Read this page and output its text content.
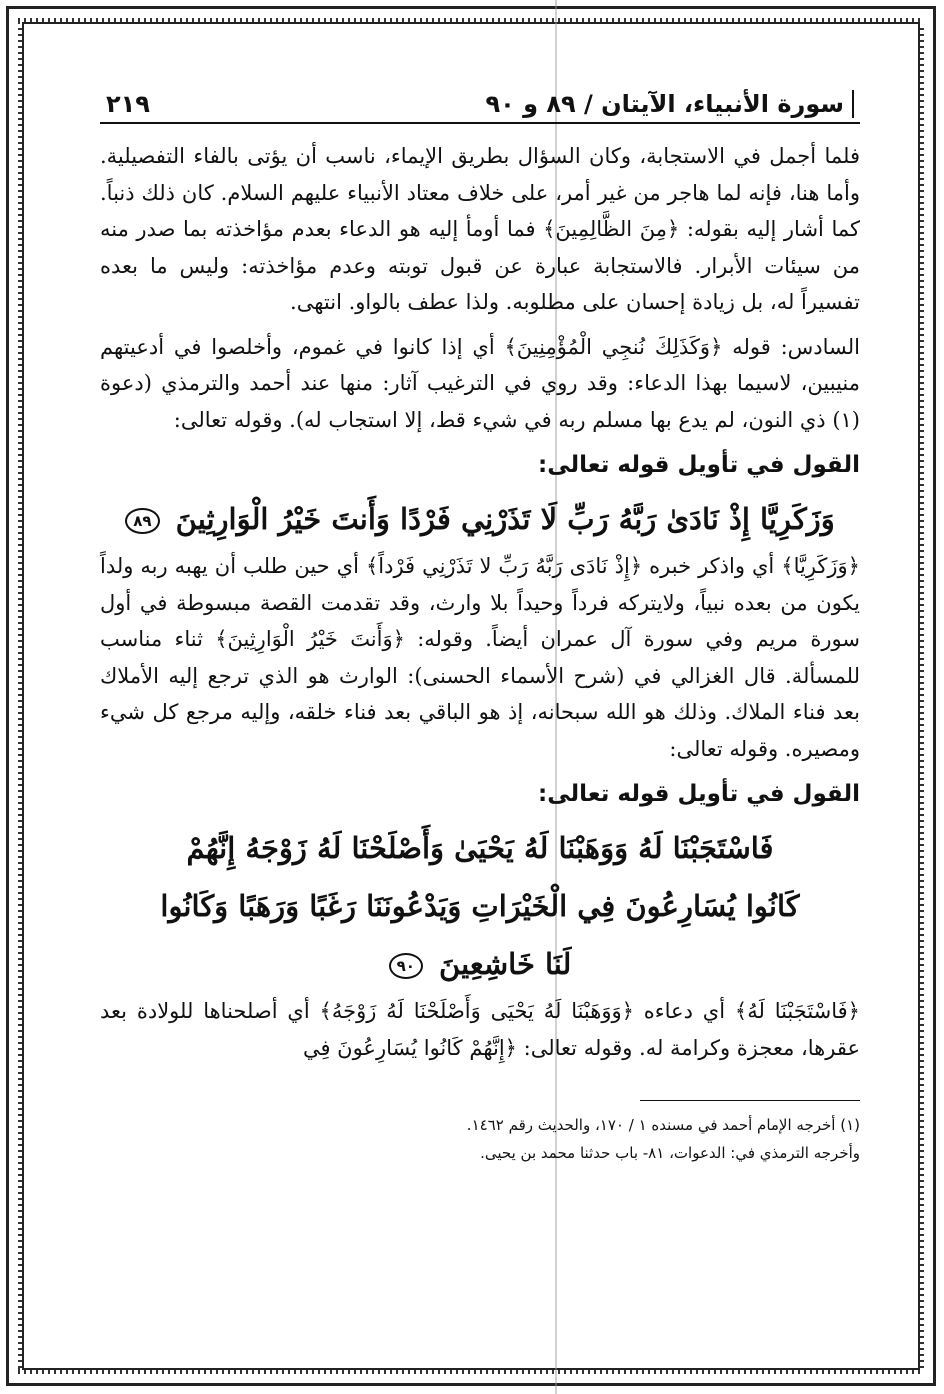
سورة الأنبياء، الآيتان / ٨٩ و ٩٠
٢١٩

فلما أجمل في الاستجابة، وكان السؤال بطريق الإيماء، ناسب أن يؤتى بالفاء التفصيلية. وأما هنا، فإنه لما هاجر من غير أمر، على خلاف معتاد الأنبياء عليهم السلام. كان ذلك ذنباً. كما أشار إليه بقوله: ﴿مِنَ الظَّالِمِينَ﴾ فما أومأ إليه هو الدعاء بعدم مؤاخذته بما صدر منه من سيئات الأبرار. فالاستجابة عبارة عن قبول توبته وعدم مؤاخذته: وليس ما بعده تفسيراً له، بل زيادة إحسان على مطلوبه. ولذا عطف بالواو. انتهى.

السادس: قوله ﴿وَكَذَلِكَ نُنجِي الْمُؤْمِنِينَ﴾ أي إذا كانوا في غموم، وأخلصوا في أدعيتهم منيبين، لاسيما بهذا الدعاء: وقد روي في الترغيب آثار: منها عند أحمد والترمذي (دعوة (١) ذي النون، لم يدع بها مسلم ربه في شيء قط، إلا استجاب له). وقوله تعالى:

القول في تأويل قوله تعالى:

وَزَكَرِيَّا إِذْ نَادَىٰ رَبَّهُ رَبِّ لَا تَذَرْنِي فَرْدًا وَأَنتَ خَيْرُ الْوَارِثِينَ ٨٩

﴿وَزَكَرِيَّا﴾ أي واذكر خبره ﴿إِذْ نَادَى رَبَّهُ رَبِّ لا تَذَرْنِي فَرْداً﴾ أي حين طلب أن يهبه ربه ولداً يكون من بعده نبياً، ولايتركه فرداً وحيداً بلا وارث، وقد تقدمت القصة مبسوطة في أول سورة مريم وفي سورة آل عمران أيضاً. وقوله: ﴿وَأَنتَ خَيْرُ الْوَارِثِينَ﴾ ثناء مناسب للمسألة. قال الغزالي في (شرح الأسماء الحسنى): الوارث هو الذي ترجع إليه الأملاك بعد فناء الملاك. وذلك هو الله سبحانه، إذ هو الباقي بعد فناء خلقه، وإليه مرجع كل شيء ومصيره. وقوله تعالى:

القول في تأويل قوله تعالى:

فَاسْتَجَبْنَا لَهُ وَوَهَبْنَا لَهُ يَحْيَىٰ وَأَصْلَحْنَا لَهُ زَوْجَهُ إِنَّهُمْ

كَانُوا يُسَارِعُونَ فِي الْخَيْرَاتِ وَيَدْعُونَنَا رَغَبًا وَرَهَبًا وَكَانُوا

لَنَا خَاشِعِينَ ٩٠

﴿فَاسْتَجَبْنَا لَهُ﴾ أي دعاءه ﴿وَوَهَبْنَا لَهُ يَحْيَى وَأَصْلَحْنَا لَهُ زَوْجَهُ﴾ أي أصلحناها للولادة بعد عقرها، معجزة وكرامة له. وقوله تعالى: ﴿إِنَّهُمْ كَانُوا يُسَارِعُونَ فِي

(١) أخرجه الإمام أحمد في مسنده ١ / ١٧٠، والحديث رقم ١٤٦٢.

وأخرجه الترمذي في: الدعوات، ٨١- باب حدثنا محمد بن يحيى.
